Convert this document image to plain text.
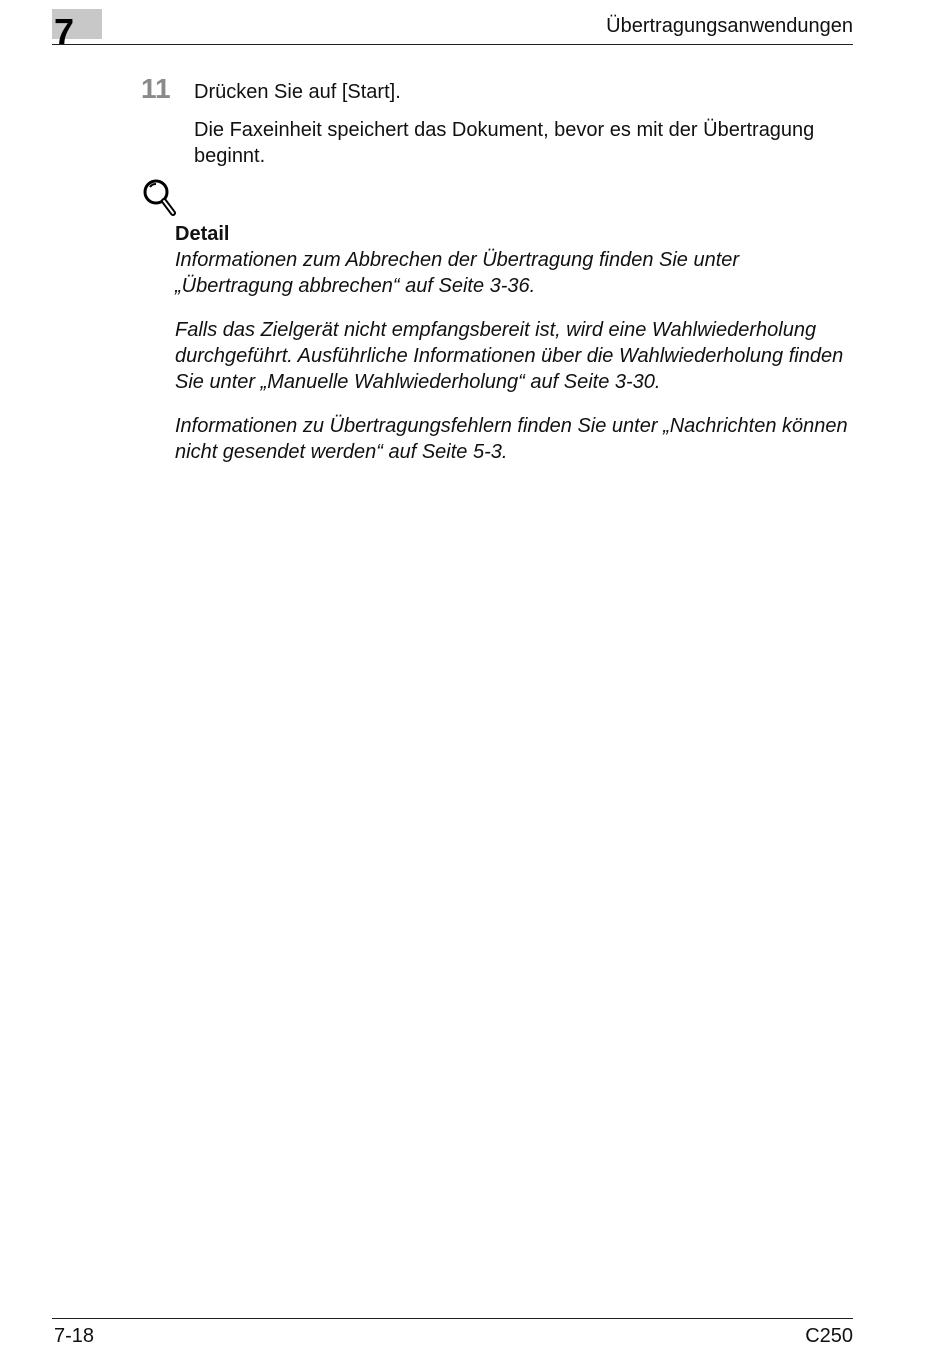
7	Übertragungsanwendungen
11 Drücken Sie auf [Start].
Die Faxeinheit speichert das Dokument, bevor es mit der Übertragung beginnt.
Detail
Informationen zum Abbrechen der Übertragung finden Sie unter „Übertragung abbrechen“ auf Seite 3-36.
Falls das Zielgerät nicht empfangsbereit ist, wird eine Wahlwiederholung durchgeführt. Ausführliche Informationen über die Wahlwiederholung finden Sie unter „Manuelle Wahlwiederholung“ auf Seite 3-30.
Informationen zu Übertragungsfehlern finden Sie unter „Nachrichten können nicht gesendet werden“ auf Seite 5-3.
7-18	C250
